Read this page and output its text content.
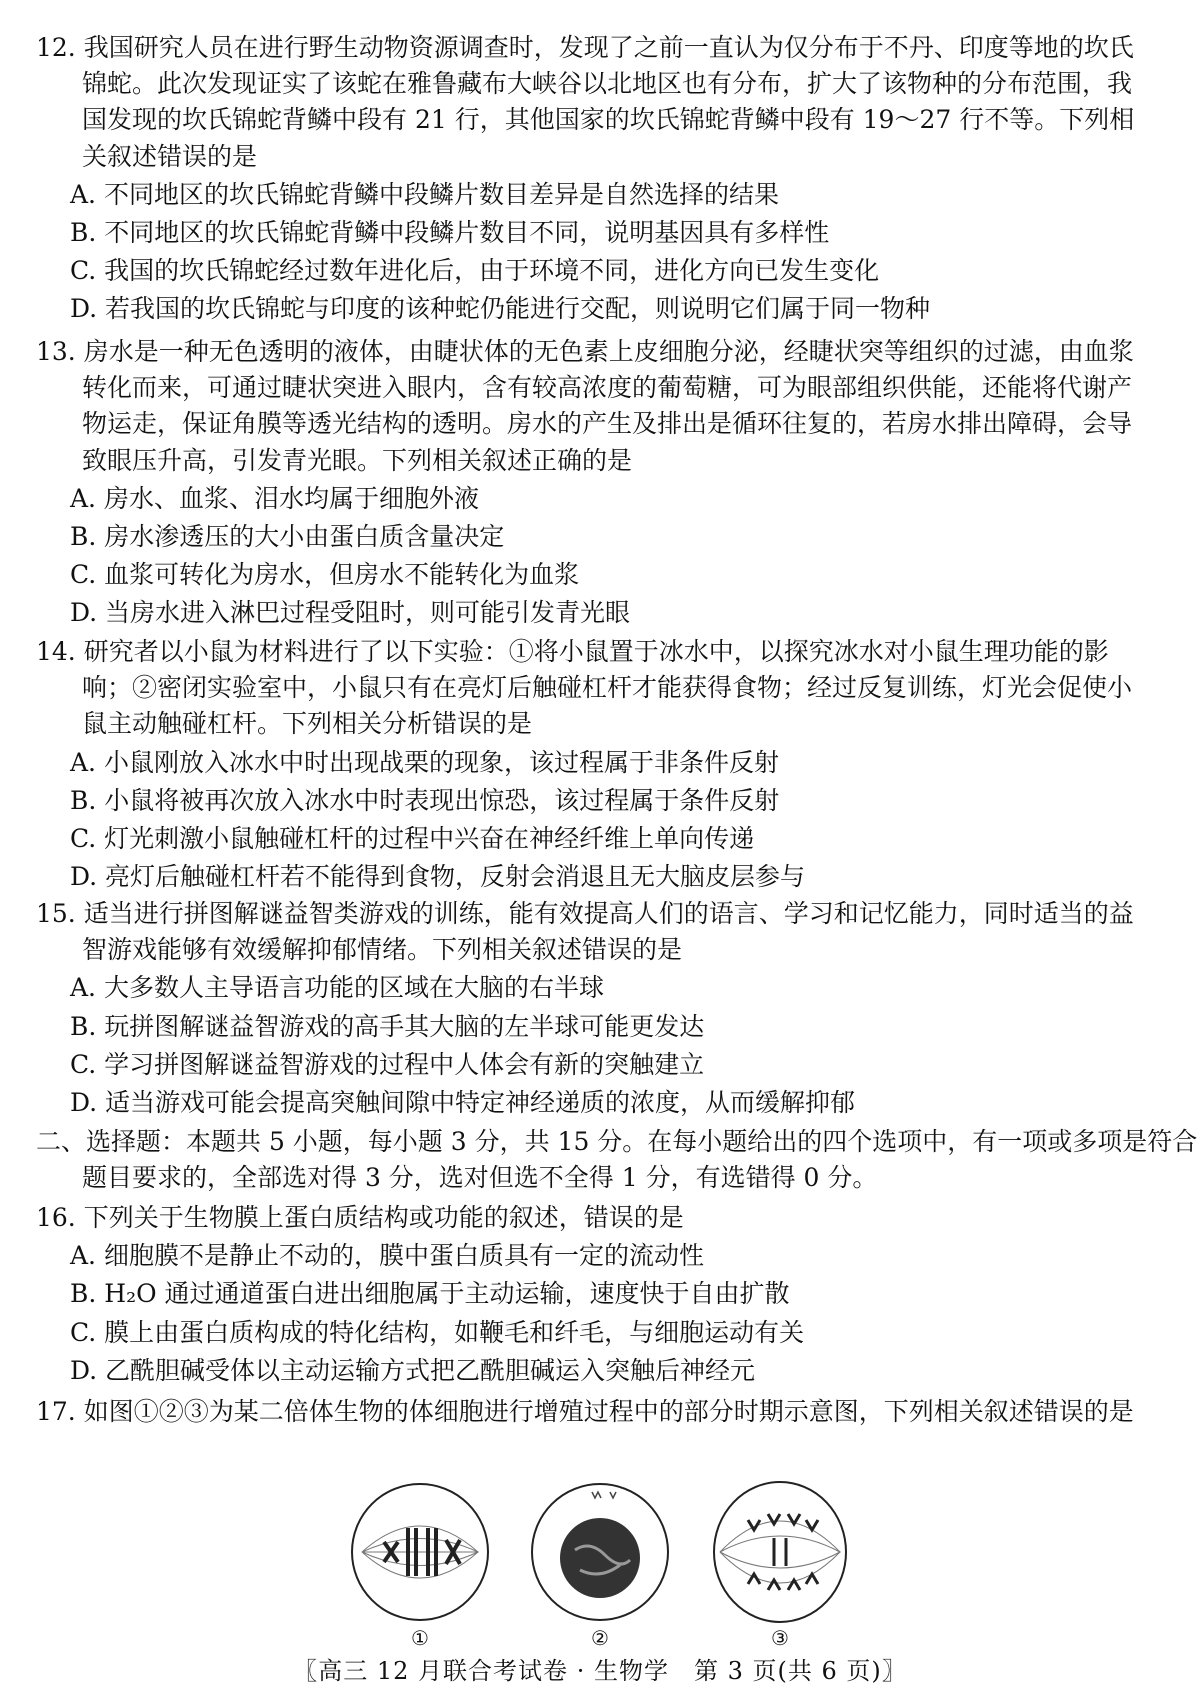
12. 我国研究人员在进行野生动物资源调查时，发现了之前一直认为仅分布于不丹、印度等地的坎氏锦蛇。此次发现证实了该蛇在雅鲁藏布大峡谷以北地区也有分布，扩大了该物种的分布范围，我国发现的坎氏锦蛇背鳞中段有 21 行，其他国家的坎氏锦蛇背鳞中段有 19～27 行不等。下列相关叙述错误的是
A. 不同地区的坎氏锦蛇背鳞中段鳞片数目差异是自然选择的结果
B. 不同地区的坎氏锦蛇背鳞中段鳞片数目不同，说明基因具有多样性
C. 我国的坎氏锦蛇经过数年进化后，由于环境不同，进化方向已发生变化
D. 若我国的坎氏锦蛇与印度的该种蛇仍能进行交配，则说明它们属于同一物种
13. 房水是一种无色透明的液体，由睫状体的无色素上皮细胞分泌，经睫状突等组织的过滤，由血浆转化而来，可通过睫状突进入眼内，含有较高浓度的葡萄糖，可为眼部组织供能，还能将代谢产物运走，保证角膜等透光结构的透明。房水的产生及排出是循环往复的，若房水排出障碍，会导致眼压升高，引发青光眼。下列相关叙述正确的是
A. 房水、血浆、泪水均属于细胞外液
B. 房水渗透压的大小由蛋白质含量决定
C. 血浆可转化为房水，但房水不能转化为血浆
D. 当房水进入淋巴过程受阻时，则可能引发青光眼
14. 研究者以小鼠为材料进行了以下实验：①将小鼠置于冰水中，以探究冰水对小鼠生理功能的影响；②密闭实验室中，小鼠只有在亮灯后触碰杠杆才能获得食物；经过反复训练，灯光会促使小鼠主动触碰杠杆。下列相关分析错误的是
A. 小鼠刚放入冰水中时出现战栗的现象，该过程属于非条件反射
B. 小鼠将被再次放入冰水中时表现出惊恐，该过程属于条件反射
C. 灯光刺激小鼠触碰杠杆的过程中兴奋在神经纤维上单向传递
D. 亮灯后触碰杠杆若不能得到食物，反射会消退且无大脑皮层参与
15. 适当进行拼图解谜益智类游戏的训练，能有效提高人们的语言、学习和记忆能力，同时适当的益智游戏能够有效缓解抑郁情绪。下列相关叙述错误的是
A. 大多数人主导语言功能的区域在大脑的右半球
B. 玩拼图解谜益智游戏的高手其大脑的左半球可能更发达
C. 学习拼图解谜益智游戏的过程中人体会有新的突触建立
D. 适当游戏可能会提高突触间隙中特定神经递质的浓度，从而缓解抑郁
二、选择题：本题共 5 小题，每小题 3 分，共 15 分。在每小题给出的四个选项中，有一项或多项是符合题目要求的，全部选对得 3 分，选对但选不全得 1 分，有选错得 0 分。
16. 下列关于生物膜上蛋白质结构或功能的叙述，错误的是
A. 细胞膜不是静止不动的，膜中蛋白质具有一定的流动性
B. H₂O 通过通道蛋白进出细胞属于主动运输，速度快于自由扩散
C. 膜上由蛋白质构成的特化结构，如鞭毛和纤毛，与细胞运动有关
D. 乙酰胆碱受体以主动运输方式把乙酰胆碱运入突触后神经元
17. 如图①②③为某二倍体生物的体细胞进行增殖过程中的部分时期示意图，下列相关叙述错误的是
①	②	③
〖高三 12 月联合考试卷 · 生物学　第 3 页(共 6 页)〗
